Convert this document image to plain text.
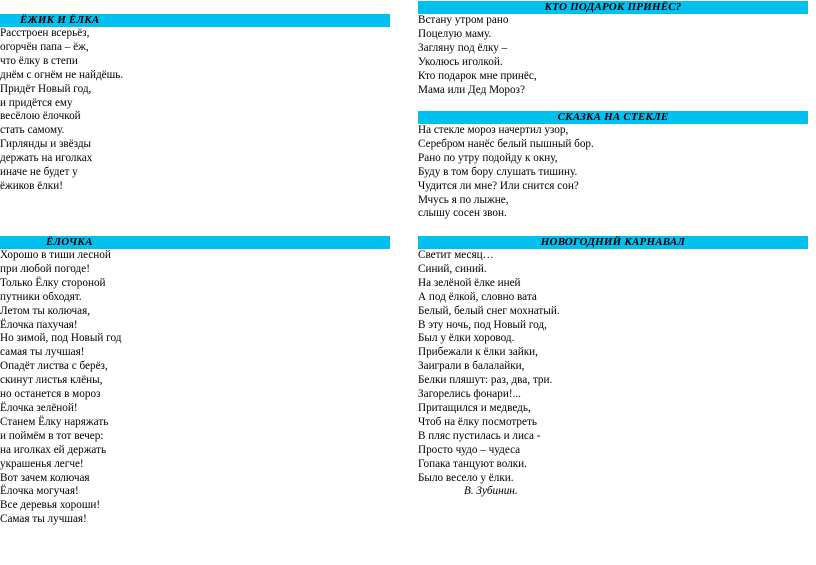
ЁЖИК И ЁЛКА
Расстроен всерьёз,
огорчён папа – ёж,
что ёлку в степи
днём с огнём не найдёшь.
Придёт Новый год,
и придётся ему
весёлою ёлочкой
стать самому.
Гирлянды и звёзды
держать на иголках
иначе не будет у
ёжиков ёлки!
КТО ПОДАРОК ПРИНЁС?
Встану утром рано
Поцелую маму.
Загляну под ёлку –
Уколюсь иголкой.
Кто подарок мне принёс,
Мама или Дед Мороз?
СКАЗКА НА СТЕКЛЕ
На стекле мороз начертил узор,
Серебром нанёс белый пышный бор.
Рано по утру подойду к окну,
Буду в том бору слушать тишину.
Чудится ли мне? Или снится сон?
Мчусь я по лыжне,
слышу сосен звон.
ЁЛОЧКА
Хорошо в тиши лесной
при любой погоде!
Только Ёлку стороной
путники обходят.
Летом ты колючая,
Ёлочка пахучая!
Но зимой, под Новый год
самая ты лучшая!
Опадёт листва с берёз,
скинут листья клёны,
но останется в мороз
Ёлочка зелёной!
Станем Ёлку наряжать
и поймём в тот вечер:
на иголках ей держать
украшенья легче!
Вот зачем колючая
Ёлочка могучая!
Все деревья хороши!
Самая ты лучшая!
НОВОГОДНИЙ КАРНАВАЛ
Светит месяц…
Синий, синий.
На зелёной ёлке иней
А под ёлкой, словно вата
Белый, белый снег мохнатый.
В эту ночь, под Новый год,
Был у ёлки хоровод.
Прибежали к ёлки зайки,
Заиграли в балалайки,
Белки пляшут: раз, два, три.
Загорелись фонари!...
Притащился и медведь,
Чтоб на ёлку посмотреть
В пляс пустилась и лиса -
Просто чудо – чудеса
Гопака танцуют волки.
Было весело у ёлки.
В. Зубинин.
